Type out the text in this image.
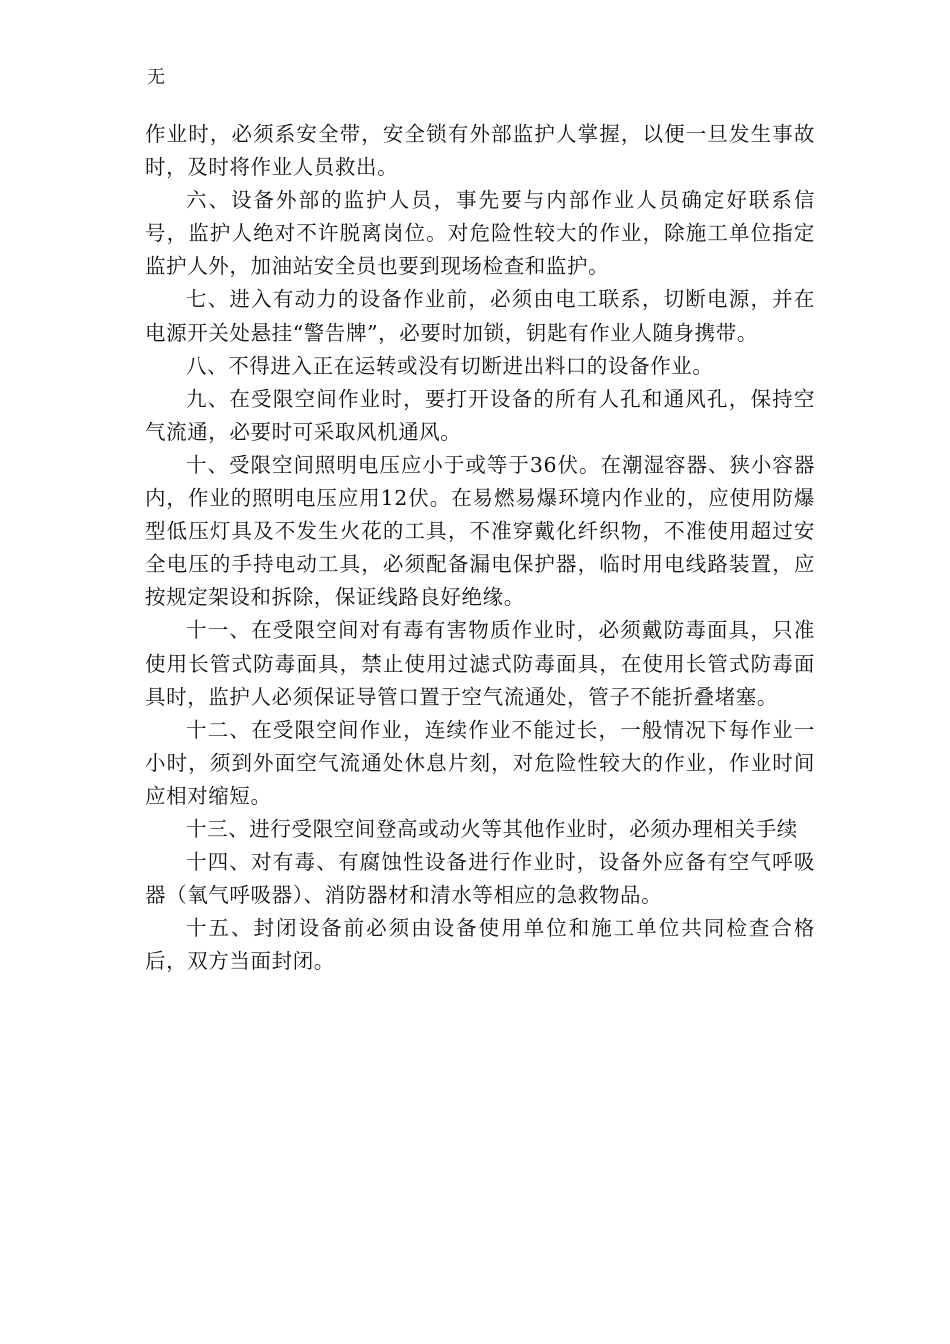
无

作业时，必须系安全带，安全锁有外部监护人掌握，以便一旦发生事故时，及时将作业人员救出。

六、设备外部的监护人员，事先要与内部作业人员确定好联系信号，监护人绝对不许脱离岗位。对危险性较大的作业，除施工单位指定监护人外，加油站安全员也要到现场检查和监护。

七、进入有动力的设备作业前，必须由电工联系，切断电源，并在电源开关处悬挂“警告牌”，必要时加锁，钥匙有作业人随身携带。

八、不得进入正在运转或没有切断进出料口的设备作业。

九、在受限空间作业时，要打开设备的所有人孔和通风孔，保持空气流通，必要时可采取风机通风。

十、受限空间照明电压应小于或等于36伏。在潮湿容器、狭小容器内，作业的照明电压应用12伏。在易燃易爆环境内作业的，应使用防爆型低压灯具及不发生火花的工具，不准穿戴化纤织物，不准使用超过安全电压的手持电动工具，必须配备漏电保护器，临时用电线路装置，应按规定架设和拆除，保证线路良好绝缘。

十一、在受限空间对有毒有害物质作业时，必须戴防毒面具，只准使用长管式防毒面具，禁止使用过滤式防毒面具，在使用长管式防毒面具时，监护人必须保证导管口置于空气流通处，管子不能折叠堵塞。

十二、在受限空间作业，连续作业不能过长，一般情况下每作业一小时，须到外面空气流通处休息片刻，对危险性较大的作业，作业时间应相对缩短。

十三、进行受限空间登高或动火等其他作业时，必须办理相关手续

十四、对有毒、有腐蚀性设备进行作业时，设备外应备有空气呼吸器（氧气呼吸器）、消防器材和清水等相应的急救物品。

十五、封闭设备前必须由设备使用单位和施工单位共同检查合格后，双方当面封闭。
